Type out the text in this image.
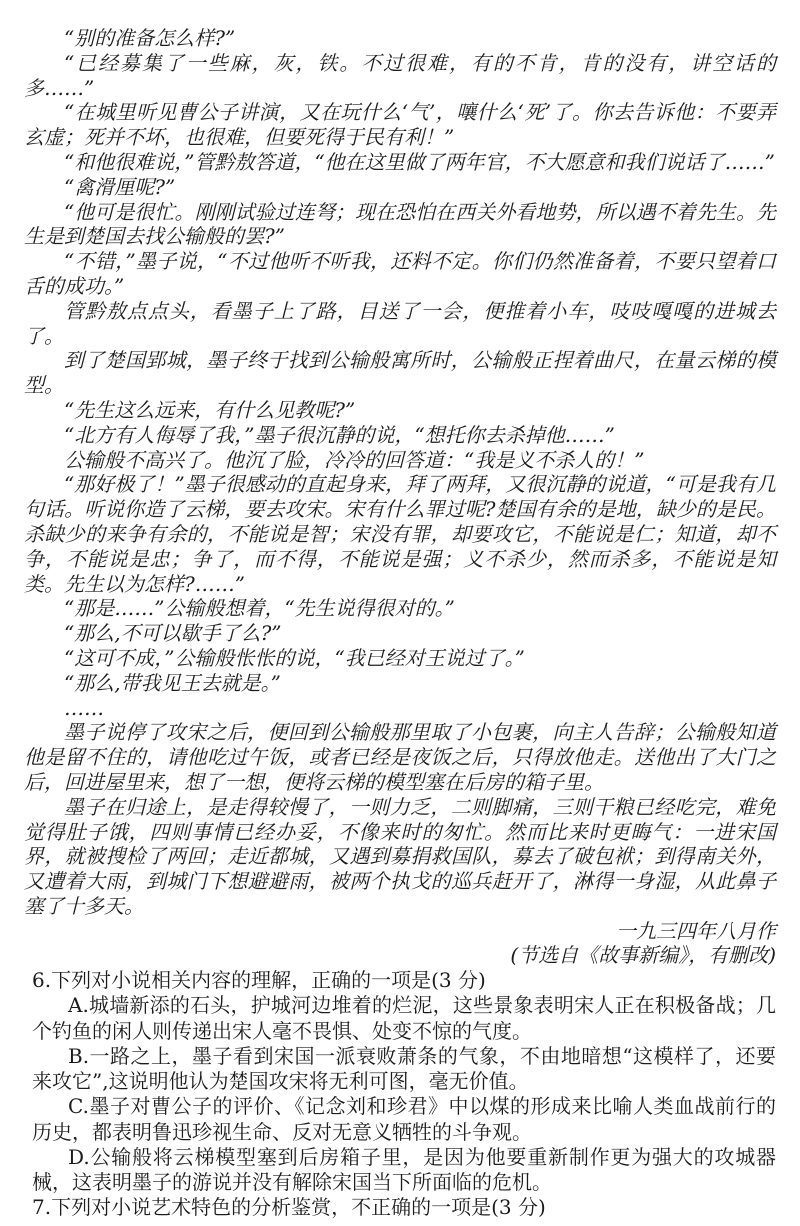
“别的准备怎么样?”

“已经募集了一些麻，灰，铁。不过很难，有的不肯，肯的没有，讲空话的多……”

“在城里听见曹公子讲演，又在玩什么‘气’，嚷什么‘死’了。你去告诉他：不要弄玄虚；死并不坏，也很难，但要死得于民有利！”

“和他很难说，”管黔敖答道，“他在这里做了两年官，不大愿意和我们说话了……”

“禽滑厘呢?”

“他可是很忙。刚刚试验过连弩；现在恐怕在西关外看地势，所以遇不着先生。先生是到楚国去找公输般的罢?”

“不错，”墨子说，“不过他听不听我，还料不定。你们仍然准备着，不要只望着口舌的成功。”

管黔敖点点头，看墨子上了路，目送了一会，便推着小车，吱吱嘎嘎的进城去了。

到了楚国郢城，墨子终于找到公输般寓所时，公输般正捏着曲尺，在量云梯的模型。

“先生这么远来，有什么见教呢?”

“北方有人侮辱了我，”墨子很沉静的说，“想托你去杀掉他……”

公输般不高兴了。他沉了脸，冷冷的回答道：“我是义不杀人的！”

“那好极了！”墨子很感动的直起身来，拜了两拜，又很沉静的说道，“可是我有几句话。听说你造了云梯，要去攻宋。宋有什么罪过呢?楚国有余的是地，缺少的是民。杀缺少的来争有余的，不能说是智；宋没有罪，却要攻它，不能说是仁；知道，却不争，不能说是忠；争了，而不得，不能说是强；义不杀少，然而杀多，不能说是知类。先生以为怎样?……”

“那是……”公输般想着，“先生说得很对的。”

“那么,不可以歇手了么?”

“这可不成，”公输般怅怅的说，“我已经对王说过了。”

“那么,带我见王去就是。”

……

墨子说停了攻宋之后，便回到公输般那里取了小包裹，向主人告辞；公输般知道他是留不住的，请他吃过午饭，或者已经是夜饭之后，只得放他走。送他出了大门之后，回进屋里来，想了一想，便将云梯的模型塞在后房的箱子里。

墨子在归途上，是走得较慢了，一则力乏，二则脚痛，三则干粮已经吃完，难免觉得肚子饿，四则事情已经办妥，不像来时的匆忙。然而比来时更晦气：一进宋国界，就被搜检了两回；走近都城，又遇到募捐救国队，募去了破包袱；到得南关外，又遭着大雨，到城门下想避避雨，被两个执戈的巡兵赶开了，淋得一身湿，从此鼻子塞了十多天。

一九三四年八月作

(节选自《故事新编》，有删改)

6.下列对小说相关内容的理解，正确的一项是(3 分)

A.城墙新添的石头，护城河边堆着的烂泥，这些景象表明宋人正在积极备战；几个钓鱼的闲人则传递出宋人毫不畏惧、处变不惊的气度。

B.一路之上，墨子看到宋国一派衰败萧条的气象，不由地暗想“这模样了，还要来攻它”,这说明他认为楚国攻宋将无利可图，毫无价值。

C.墨子对曹公子的评价、《记念刘和珍君》中以煤的形成来比喻人类血战前行的历史，都表明鲁迅珍视生命、反对无意义牺牲的斗争观。

D.公输般将云梯模型塞到后房箱子里，是因为他要重新制作更为强大的攻城器械，这表明墨子的游说并没有解除宋国当下所面临的危机。

7.下列对小说艺术特色的分析鉴赏，不正确的一项是(3 分)
